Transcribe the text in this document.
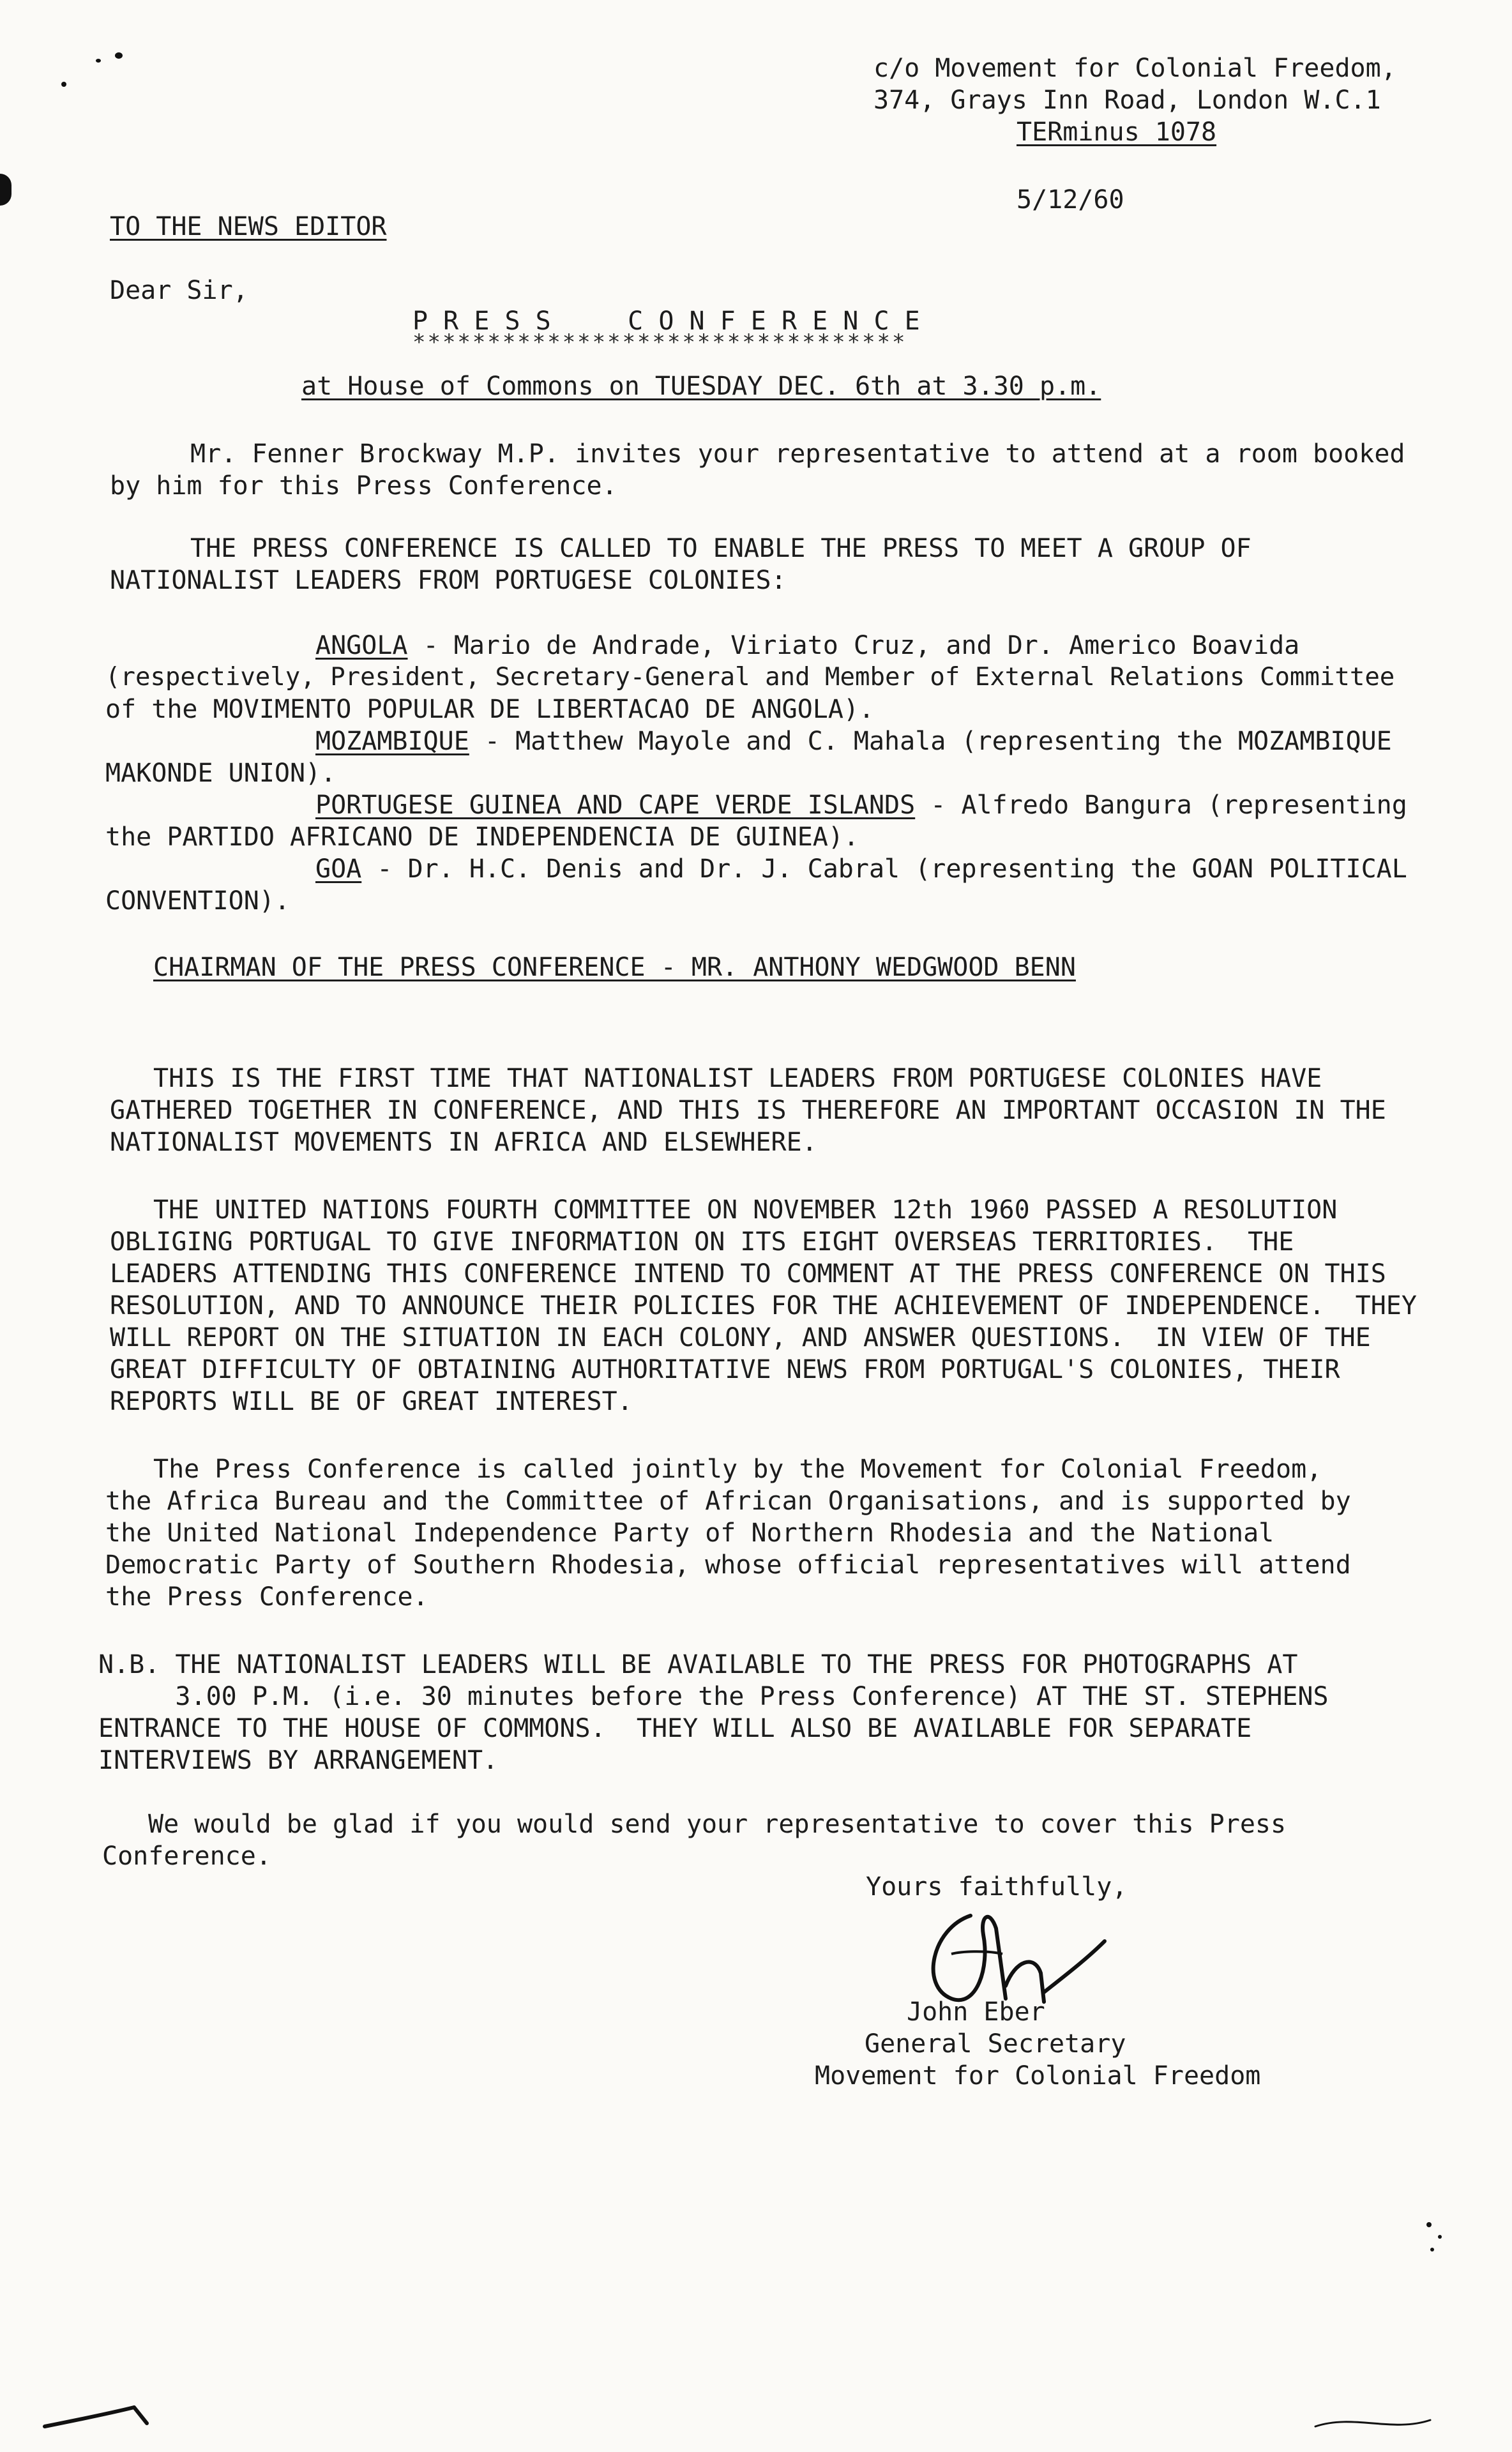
c/o Movement for Colonial Freedom,
374, Grays Inn Road, London W.C.1
TERminus 1078
5/12/60
TO THE NEWS EDITOR
Dear Sir,
P R E S S     C O N F E R E N C E
*********************************
at House of Commons on TUESDAY DEC. 6th at 3.30 p.m.
Mr. Fenner Brockway M.P. invites your representative to attend at a room booked
by him for this Press Conference.
THE PRESS CONFERENCE IS CALLED TO ENABLE THE PRESS TO MEET A GROUP OF
NATIONALIST LEADERS FROM PORTUGESE COLONIES:
ANGOLA - Mario de Andrade, Viriato Cruz, and Dr. Americo Boavida
(respectively, President, Secretary-General and Member of External Relations Committee
of the MOVIMENTO POPULAR DE LIBERTACAO DE ANGOLA).
MOZAMBIQUE - Matthew Mayole and C. Mahala (representing the MOZAMBIQUE
MAKONDE UNION).
PORTUGESE GUINEA AND CAPE VERDE ISLANDS - Alfredo Bangura (representing
the PARTIDO AFRICANO DE INDEPENDENCIA DE GUINEA).
GOA - Dr. H.C. Denis and Dr. J. Cabral (representing the GOAN POLITICAL
CONVENTION).
CHAIRMAN OF THE PRESS CONFERENCE - MR. ANTHONY WEDGWOOD BENN
THIS IS THE FIRST TIME THAT NATIONALIST LEADERS FROM PORTUGESE COLONIES HAVE
GATHERED TOGETHER IN CONFERENCE, AND THIS IS THEREFORE AN IMPORTANT OCCASION IN THE
NATIONALIST MOVEMENTS IN AFRICA AND ELSEWHERE.
THE UNITED NATIONS FOURTH COMMITTEE ON NOVEMBER 12th 1960 PASSED A RESOLUTION
OBLIGING PORTUGAL TO GIVE INFORMATION ON ITS EIGHT OVERSEAS TERRITORIES.  THE
LEADERS ATTENDING THIS CONFERENCE INTEND TO COMMENT AT THE PRESS CONFERENCE ON THIS
RESOLUTION, AND TO ANNOUNCE THEIR POLICIES FOR THE ACHIEVEMENT OF INDEPENDENCE.  THEY
WILL REPORT ON THE SITUATION IN EACH COLONY, AND ANSWER QUESTIONS.  IN VIEW OF THE
GREAT DIFFICULTY OF OBTAINING AUTHORITATIVE NEWS FROM PORTUGAL'S COLONIES, THEIR
REPORTS WILL BE OF GREAT INTEREST.
The Press Conference is called jointly by the Movement for Colonial Freedom,
the Africa Bureau and the Committee of African Organisations, and is supported by
the United National Independence Party of Northern Rhodesia and the National
Democratic Party of Southern Rhodesia, whose official representatives will attend
the Press Conference.
N.B. THE NATIONALIST LEADERS WILL BE AVAILABLE TO THE PRESS FOR PHOTOGRAPHS AT
3.00 P.M. (i.e. 30 minutes before the Press Conference) AT THE ST. STEPHENS
ENTRANCE TO THE HOUSE OF COMMONS.  THEY WILL ALSO BE AVAILABLE FOR SEPARATE
INTERVIEWS BY ARRANGEMENT.
We would be glad if you would send your representative to cover this Press
Conference.
Yours faithfully,
John Eber
General Secretary
Movement for Colonial Freedom
